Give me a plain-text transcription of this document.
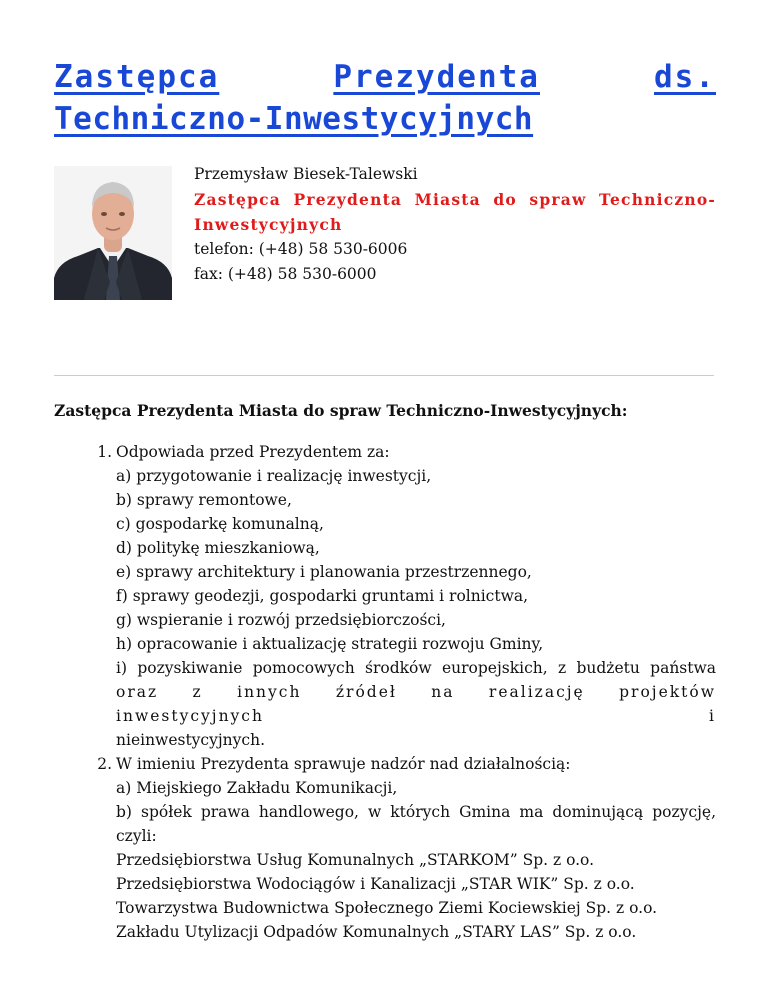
Zastępca	Prezydenta	ds.
Techniczno-Inwestycyjnych
Przemysław Biesek-Talewski
Zastępca Prezydenta Miasta do spraw Techniczno-
Inwestycyjnych
telefon: (+48) 58 530-6006
fax: (+48) 58 530-6000
Zastępca Prezydenta Miasta do spraw Techniczno-Inwestycyjnych:
1. Odpowiada przed Prezydentem za:
a) przygotowanie i realizację inwestycji,
b) sprawy remontowe,
c) gospodarkę komunalną,
d) politykę mieszkaniową,
e) sprawy architektury i planowania przestrzennego,
f) sprawy geodezji, gospodarki gruntami i rolnictwa,
g) wspieranie i rozwój przedsiębiorczości,
h) opracowanie i aktualizację strategii rozwoju Gminy,
i) pozyskiwanie pomocowych środków europejskich, z budżetu państwa
oraz z innych źródeł na realizację projektów inwestycyjnych i
nieinwestycyjnych.
2. W imieniu Prezydenta sprawuje nadzór nad działalnością:
a) Miejskiego Zakładu Komunikacji,
b) spółek prawa handlowego, w których Gmina ma dominującą pozycję,
czyli:
Przedsiębiorstwa Usług Komunalnych „STARKOM” Sp. z o.o.
Przedsiębiorstwa Wodociągów i Kanalizacji „STAR WIK” Sp. z o.o.
Towarzystwa Budownictwa Społecznego Ziemi Kociewskiej Sp. z o.o.
Zakładu Utylizacji Odpadów Komunalnych „STARY LAS” Sp. z o.o.
